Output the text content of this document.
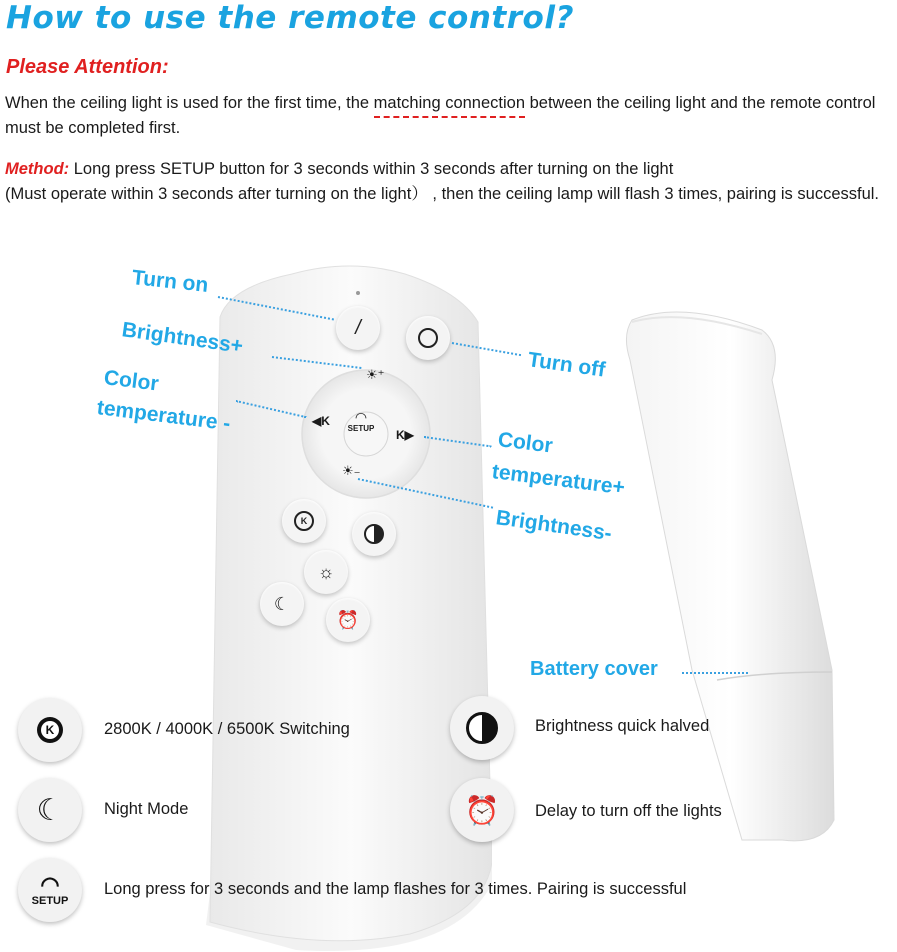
How to use the remote control?
Please Attention:
When the ceiling light is used for the first time, the matching connection between the ceiling light and the remote control must be completed first.
Method: Long press SETUP button for 3 seconds within 3 seconds after turning on the light
(Must operate within 3 seconds after turning on the light） , then the ceiling lamp will flash 3 times, pairing is successful.
/
☀︎⁺
◀K
K▶
☀︎₋
◠
SETUP
K
☼
☾
⏰
Turn on
Brightness+
Color
temperature -
Turn off
Color
temperature+
Brightness-
Battery cover
K	2800K / 4000K / 6500K Switching	Brightness quick halved
☾ Night Mode	⏰ Delay to turn off the lights
◠
SETUP
Long press for 3 seconds and the lamp flashes for 3 times. Pairing is successful
